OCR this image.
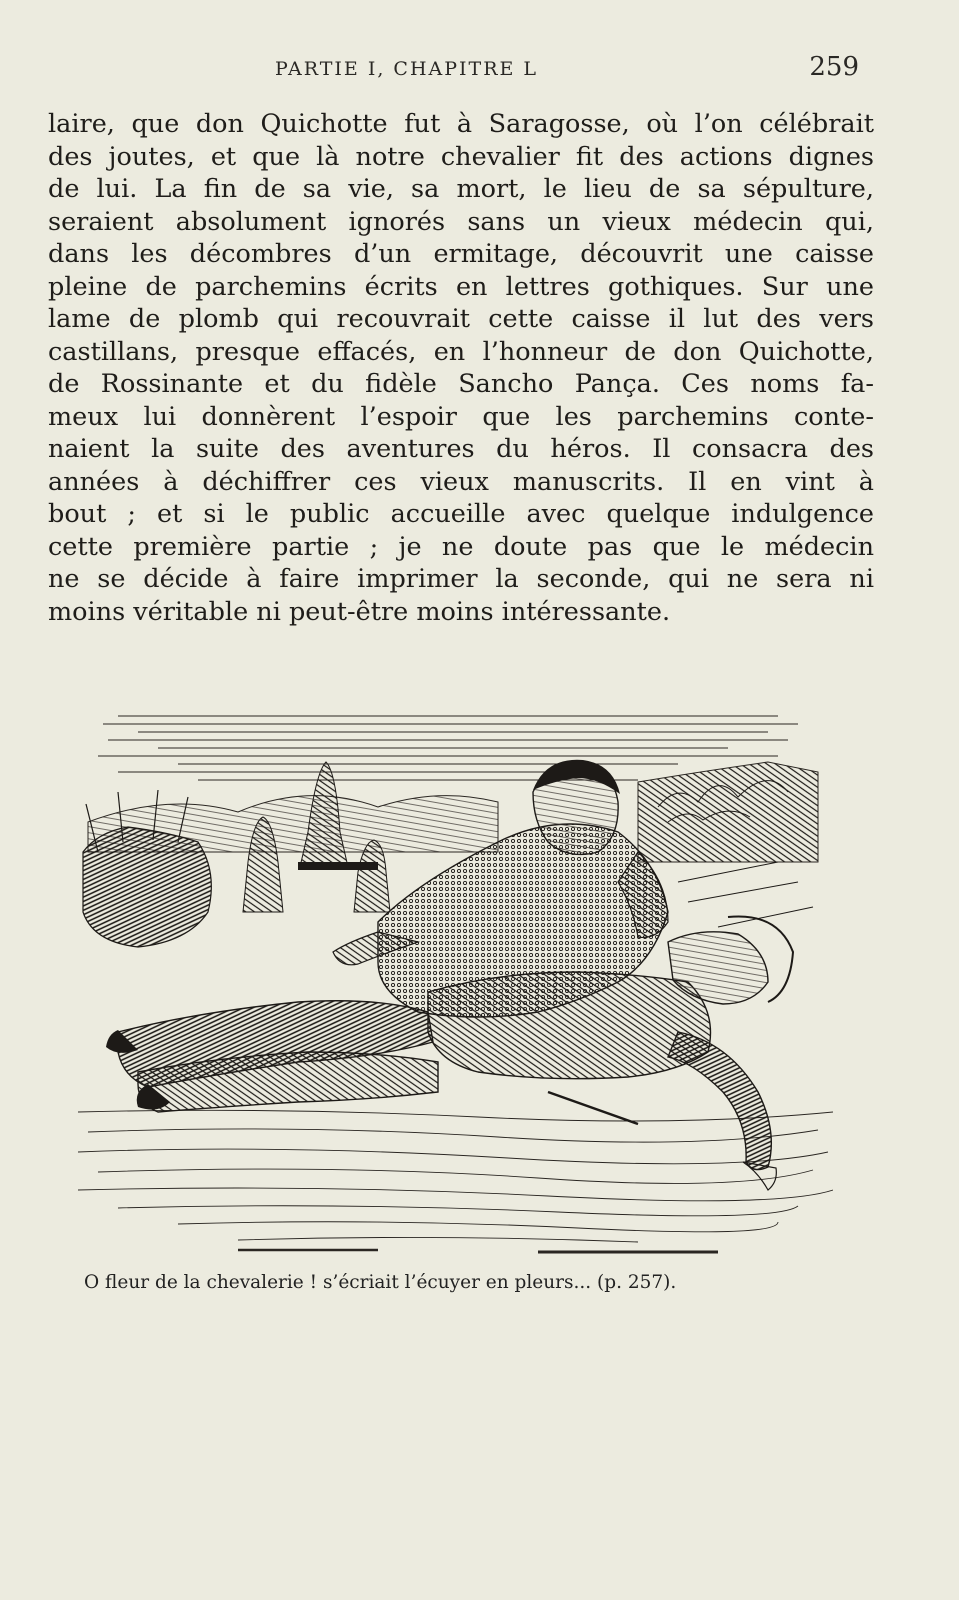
PARTIE I, CHAPITRE L	259
laire, que don Quichotte fut à Saragosse, où l’on célébrait
des joutes, et que là notre chevalier fit des actions dignes
de lui. La fin de sa vie, sa mort, le lieu de sa sépulture,
seraient absolument ignorés sans un vieux médecin qui,
dans les décombres d’un ermitage, découvrit une caisse
pleine de parchemins écrits en lettres gothiques. Sur une
lame de plomb qui recouvrait cette caisse il lut des vers
castillans, presque effacés, en l’honneur de don Quichotte,
de Rossinante et du fidèle Sancho Pança. Ces noms fa-
meux lui donnèrent l’espoir que les parchemins conte-
naient la suite des aventures du héros. Il consacra des
années à déchiffrer ces vieux manuscrits. Il en vint à
bout ; et si le public accueille avec quelque indulgence
cette première partie ; je ne doute pas que le médecin
ne se décide à faire imprimer la seconde, qui ne sera ni
moins véritable ni peut-être moins intéressante.
O fleur de la chevalerie ! s’écriait l’écuyer en pleurs... (p. 257).
